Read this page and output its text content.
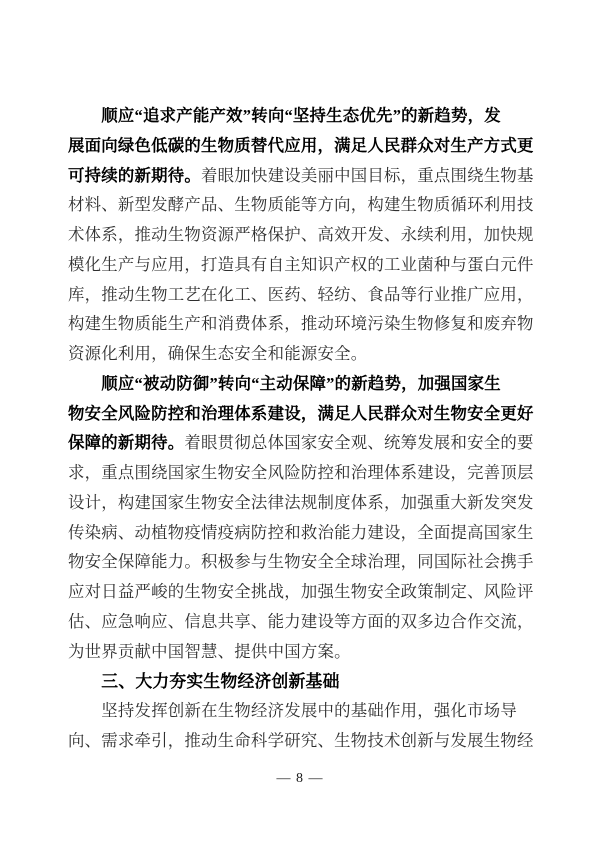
顺应“追求产能产效”转向“坚持生态优先”的新趋势，发
展面向绿色低碳的生物质替代应用，满足人民群众对生产方式更
可持续的新期待。着眼加快建设美丽中国目标，重点围绕生物基
材料、新型发酵产品、生物质能等方向，构建生物质循环利用技
术体系，推动生物资源严格保护、高效开发、永续利用，加快规
模化生产与应用，打造具有自主知识产权的工业菌种与蛋白元件
库，推动生物工艺在化工、医药、轻纺、食品等行业推广应用，
构建生物质能生产和消费体系，推动环境污染生物修复和废弃物
资源化利用，确保生态安全和能源安全。
顺应“被动防御”转向“主动保障”的新趋势，加强国家生
物安全风险防控和治理体系建设，满足人民群众对生物安全更好
保障的新期待。着眼贯彻总体国家安全观、统筹发展和安全的要
求，重点围绕国家生物安全风险防控和治理体系建设，完善顶层
设计，构建国家生物安全法律法规制度体系，加强重大新发突发
传染病、动植物疫情疫病防控和救治能力建设，全面提高国家生
物安全保障能力。积极参与生物安全全球治理，同国际社会携手
应对日益严峻的生物安全挑战，加强生物安全政策制定、风险评
估、应急响应、信息共享、能力建设等方面的双多边合作交流，
为世界贡献中国智慧、提供中国方案。
三、大力夯实生物经济创新基础
坚持发挥创新在生物经济发展中的基础作用，强化市场导
向、需求牵引，推动生命科学研究、生物技术创新与发展生物经
— 8 —
